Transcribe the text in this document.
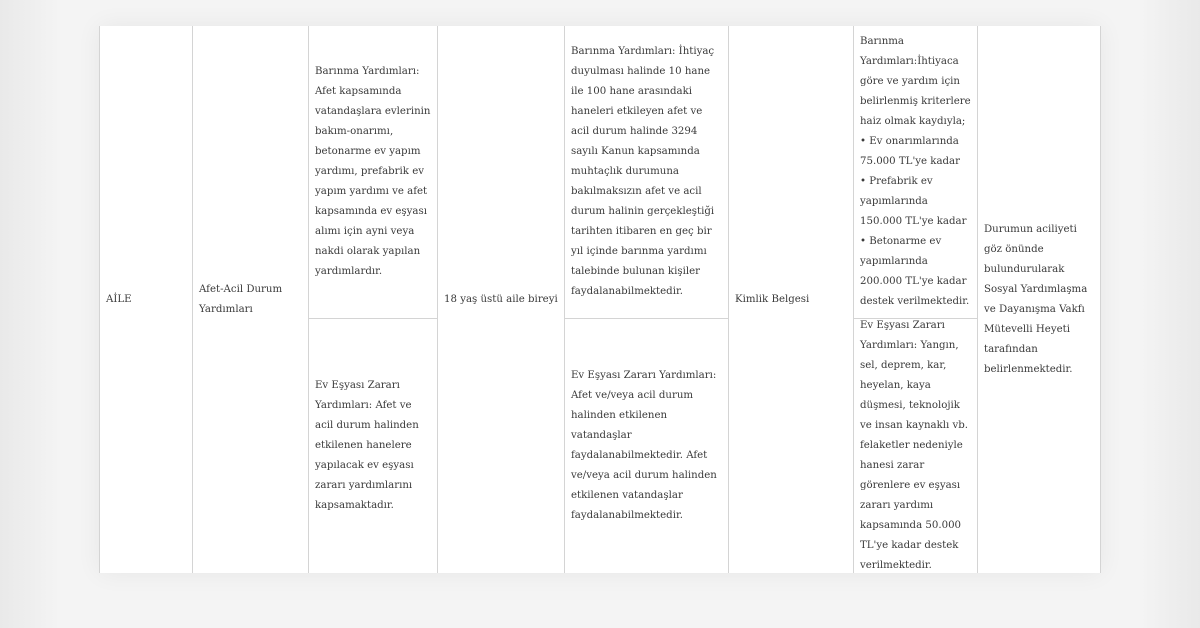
AİLE
Afet-Acil Durum Yardımları
18 yaş üstü aile bireyi	Kimlik Belgesi
Durumun aciliyeti göz önünde bulundurularak Sosyal Yardımlaşma ve Dayanışma Vakfı Mütevelli Heyeti tarafından belirlenmektedir.
Barınma Yardımları: Afet kapsamında vatandaşlara evlerinin bakım-onarımı, betonarme ev yapım yardımı, prefabrik ev yapım yardımı ve afet kapsamında ev eşyası alımı için ayni veya nakdi olarak yapılan yardımlardır.
Barınma Yardımları: İhtiyaç duyulması halinde 10 hane ile 100 hane arasındaki haneleri etkileyen afet ve acil durum halinde 3294 sayılı Kanun kapsamında muhtaçlık durumuna bakılmaksızın afet ve acil durum halinin gerçekleştiği tarihten itibaren en geç bir yıl içinde barınma yardımı talebinde bulunan kişiler faydalanabilmektedir.
Barınma Yardımları:İhtiyaca göre ve yardım için belirlenmiş kriterlere haiz olmak kaydıyla;
• Ev onarımlarında 75.000 TL'ye kadar
• Prefabrik ev yapımlarında 150.000 TL'ye kadar
• Betonarme ev yapımlarında 200.000 TL'ye kadar destek verilmektedir.
Ev Eşyası Zararı Yardımları: Afet ve acil durum halinden etkilenen hanelere yapılacak ev eşyası zararı yardımlarını kapsamaktadır.
Ev Eşyası Zararı Yardımları: Afet ve/veya acil durum halinden etkilenen vatandaşlar faydalanabilmektedir. Afet ve/veya acil durum halinden etkilenen vatandaşlar faydalanabilmektedir.
Ev Eşyası Zararı Yardımları: Yangın, sel, deprem, kar, heyelan, kaya düşmesi, teknolojik ve insan kaynaklı vb. felaketler nedeniyle hanesi zarar görenlere ev eşyası zararı yardımı kapsamında 50.000 TL'ye kadar destek verilmektedir.
